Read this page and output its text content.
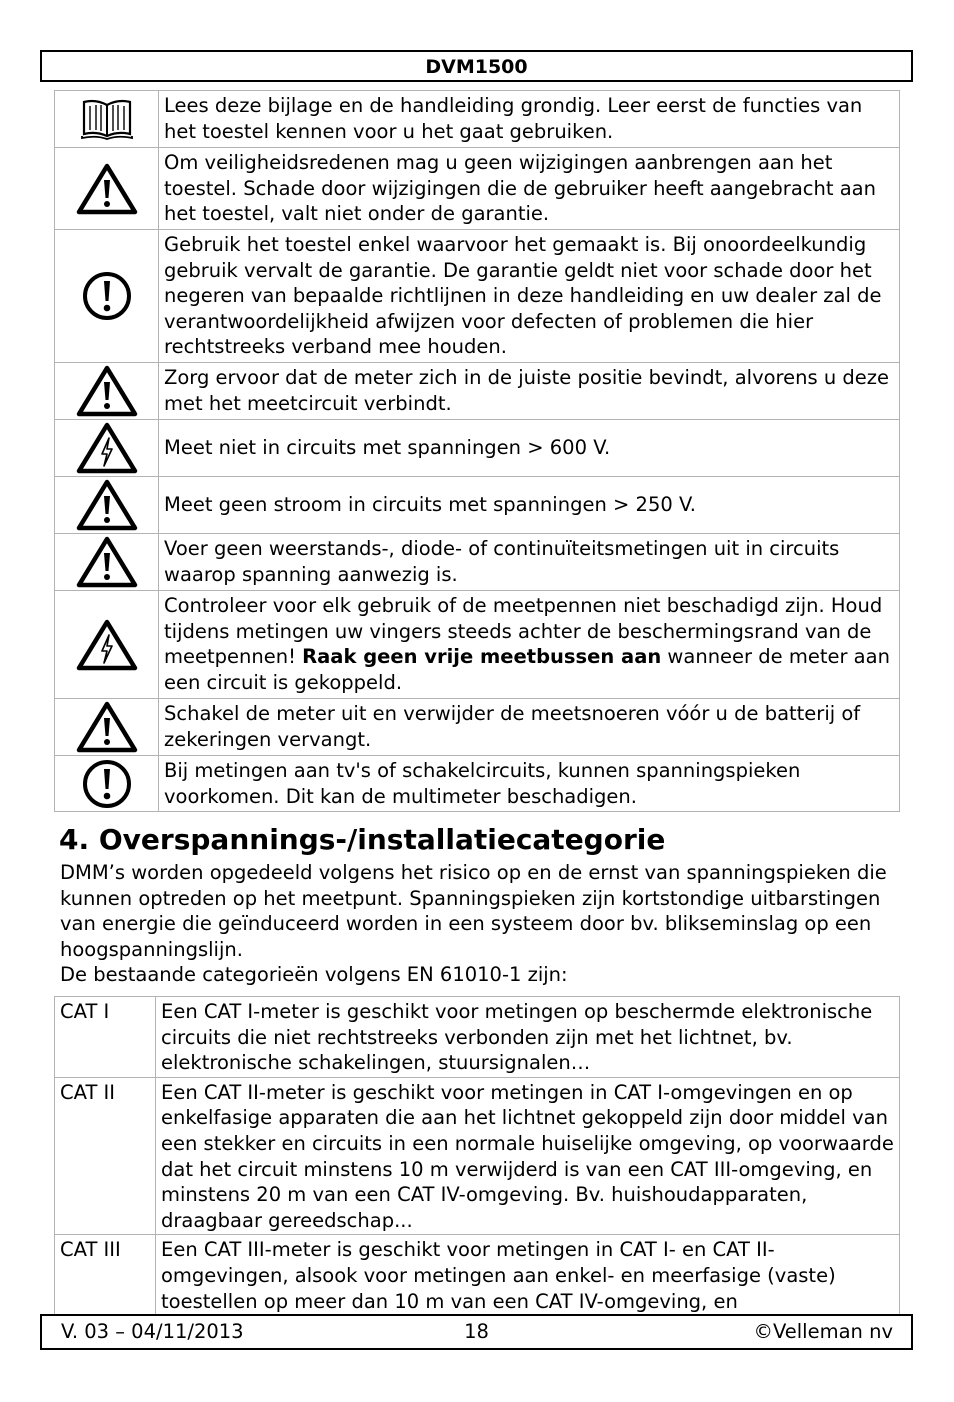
DVM1500
	Lees deze bijlage en de handleiding grondig. Leer eerst de functies van het toestel kennen voor u het gaat gebruiken.

	Om veiligheidsredenen mag u geen wijzigingen aanbrengen aan het toestel. Schade door wijzigingen die de gebruiker heeft aangebracht aan het toestel, valt niet onder de garantie.

	Gebruik het toestel enkel waarvoor het gemaakt is. Bij onoordeelkundig gebruik vervalt de garantie. De garantie geldt niet voor schade door het negeren van bepaalde richtlijnen in deze handleiding en uw dealer zal de verantwoordelijkheid afwijzen voor defecten of problemen die hier rechtstreeks verband mee houden.

	Zorg ervoor dat de meter zich in de juiste positie bevindt, alvorens u deze met het meetcircuit verbindt.

	Meet niet in circuits met spanningen > 600 V.

	Meet geen stroom in circuits met spanningen > 250 V.

	Voer geen weerstands-, diode- of continuïteitsmetingen uit in circuits waarop spanning aanwezig is.

	Controleer voor elk gebruik of de meetpennen niet beschadigd zijn. Houd tijdens metingen uw vingers steeds achter de beschermingsrand van de meetpennen! Raak geen vrije meetbussen aan wanneer de meter aan een circuit is gekoppeld.

	Schakel de meter uit en verwijder de meetsnoeren vóór u de batterij of zekeringen vervangt.

	Bij metingen aan tv's of schakelcircuits, kunnen spanningspieken voorkomen. Dit kan de multimeter beschadigen.
4. Overspannings-/installatiecategorie

DMM’s worden opgedeeld volgens het risico op en de ernst van spanningspieken die kunnen optreden op het meetpunt. Spanningspieken zijn kortstondige uitbarstingen van energie die geïnduceerd worden in een systeem door bv. blikseminslag op een hoogspanningslijn.

De bestaande categorieën volgens EN 61010-1 zijn:

CAT I	Een CAT I-meter is geschikt voor metingen op beschermde elektronische circuits die niet rechtstreeks verbonden zijn met het lichtnet, bv. elektronische schakelingen, stuursignalen…
CAT II	Een CAT II-meter is geschikt voor metingen in CAT I-omgevingen en op enkelfasige apparaten die aan het lichtnet gekoppeld zijn door middel van een stekker en circuits in een normale huiselijke omgeving, op voorwaarde dat het circuit minstens 10 m verwijderd is van een CAT III-omgeving, en minstens 20 m van een CAT IV-omgeving. Bv. huishoudapparaten, draagbaar gereedschap...
CAT III	Een CAT III-meter is geschikt voor metingen in CAT I- en CAT II-omgevingen, alsook voor metingen aan enkel- en meerfasige (vaste) toestellen op meer dan 10 m van een CAT IV-omgeving, en
V. 03 – 04/11/2013	18	©Velleman nv
